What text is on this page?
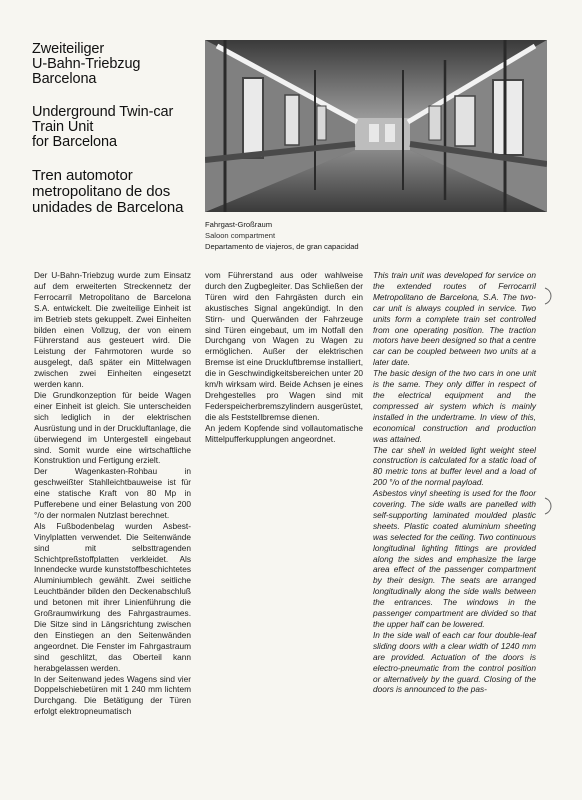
Zweiteiliger
U-Bahn-Triebzug
Barcelona
Underground Twin-car
Train Unit
for Barcelona
Tren automotor
metropolitano de dos
unidades de Barcelona
Fahrgast-Großraum
Saloon compartment
Departamento de viajeros, de gran capacidad

Der U-Bahn-Triebzug wurde zum Einsatz auf dem erweiterten Streckennetz der Ferrocarril Metropolitano de Barcelona S.A. entwickelt. Die zweiteilige Einheit ist im Betrieb stets gekuppelt. Zwei Einheiten bilden einen Vollzug, der von einem Führerstand aus gesteuert wird. Die Leistung der Fahrmotoren wurde so ausgelegt, daß später ein Mittelwagen zwischen zwei Einheiten eingesetzt werden kann.

Die Grundkonzeption für beide Wagen einer Einheit ist gleich. Sie unterscheiden sich lediglich in der elektrischen Ausrüstung und in der Druckluftanlage, die überwiegend im Untergestell eingebaut sind. Somit wurde eine wirtschaftliche Konstruktion und Fertigung erzielt.

Der Wagenkasten-Rohbau in geschweißter Stahlleichtbauweise ist für eine statische Kraft von 80 Mp in Pufferebene und einer Belastung von 200 °/o der normalen Nutzlast berechnet.

Als Fußbodenbelag wurden Asbest-Vinylplatten verwendet. Die Seitenwände sind mit selbsttragenden Schichtpreßstoffplatten verkleidet. Als Innendecke wurde kunststoffbeschichtetes Aluminiumblech gewählt. Zwei seitliche Leuchtbänder bilden den Deckenabschluß und betonen mit ihrer Linienführung die Großraumwirkung des Fahrgastraumes. Die Sitze sind in Längsrichtung zwischen den Einstiegen an den Seitenwänden angeordnet. Die Fenster im Fahrgastraum sind geschlitzt, das Oberteil kann herabgelassen werden.

In der Seitenwand jedes Wagens sind vier Doppelschiebetüren mit 1 240 mm lichtem Durchgang. Die Betätigung der Türen erfolgt elektropneumatisch

vom Führerstand aus oder wahlweise durch den Zugbegleiter. Das Schließen der Türen wird den Fahrgästen durch ein akustisches Signal angekündigt. In den Stirn- und Querwänden der Fahrzeuge sind Türen eingebaut, um im Notfall den Durchgang von Wagen zu Wagen zu ermöglichen. Außer der elektrischen Bremse ist eine Druckluftbremse installiert, die in Geschwindigkeitsbereichen unter 20 km/h wirksam wird. Beide Achsen je eines Drehgestelles pro Wagen sind mit Federspeicherbremszylindern ausgerüstet, die als Feststellbremse dienen.

An jedem Kopfende sind vollautomatische Mittelpufferkupplungen angeordnet.

This train unit was developed for service on the extended routes of Ferrocarril Metropolitano de Barcelona, S.A. The two-car unit is always coupled in service. Two units form a complete train set controlled from one operating position. The traction motors have been designed so that a centre car can be coupled between two units at a later date.

The basic design of the two cars in one unit is the same. They only differ in respect of the electrical equipment and the compressed air system which is mainly installed in the undertrame. In view of this, economical construction and production was attained.

The car shell in welded light weight steel construction is calculated for a static load of 80 metric tons at buffer level and a load of 200 °/o of the normal payload.

Asbestos vinyl sheeting is used for the floor covering. The side walls are panelled with self-supporting laminated moulded plastic sheets. Plastic coated aluminium sheeting was selected for the ceiling. Two continuous longitudinal lighting fittings are provided along the sides and emphasize the large area effect of the passenger compartment by their design. The seats are arranged longitudinally along the side walls between the entrances. The windows in the passenger compartment are divided so that the upper half can be lowered.

In the side wall of each car four double-leaf sliding doors with a clear width of 1240 mm are provided. Actuation of the doors is electro-pneumatic from the control position or alternatively by the guard. Closing of the doors is announced to the pas-
